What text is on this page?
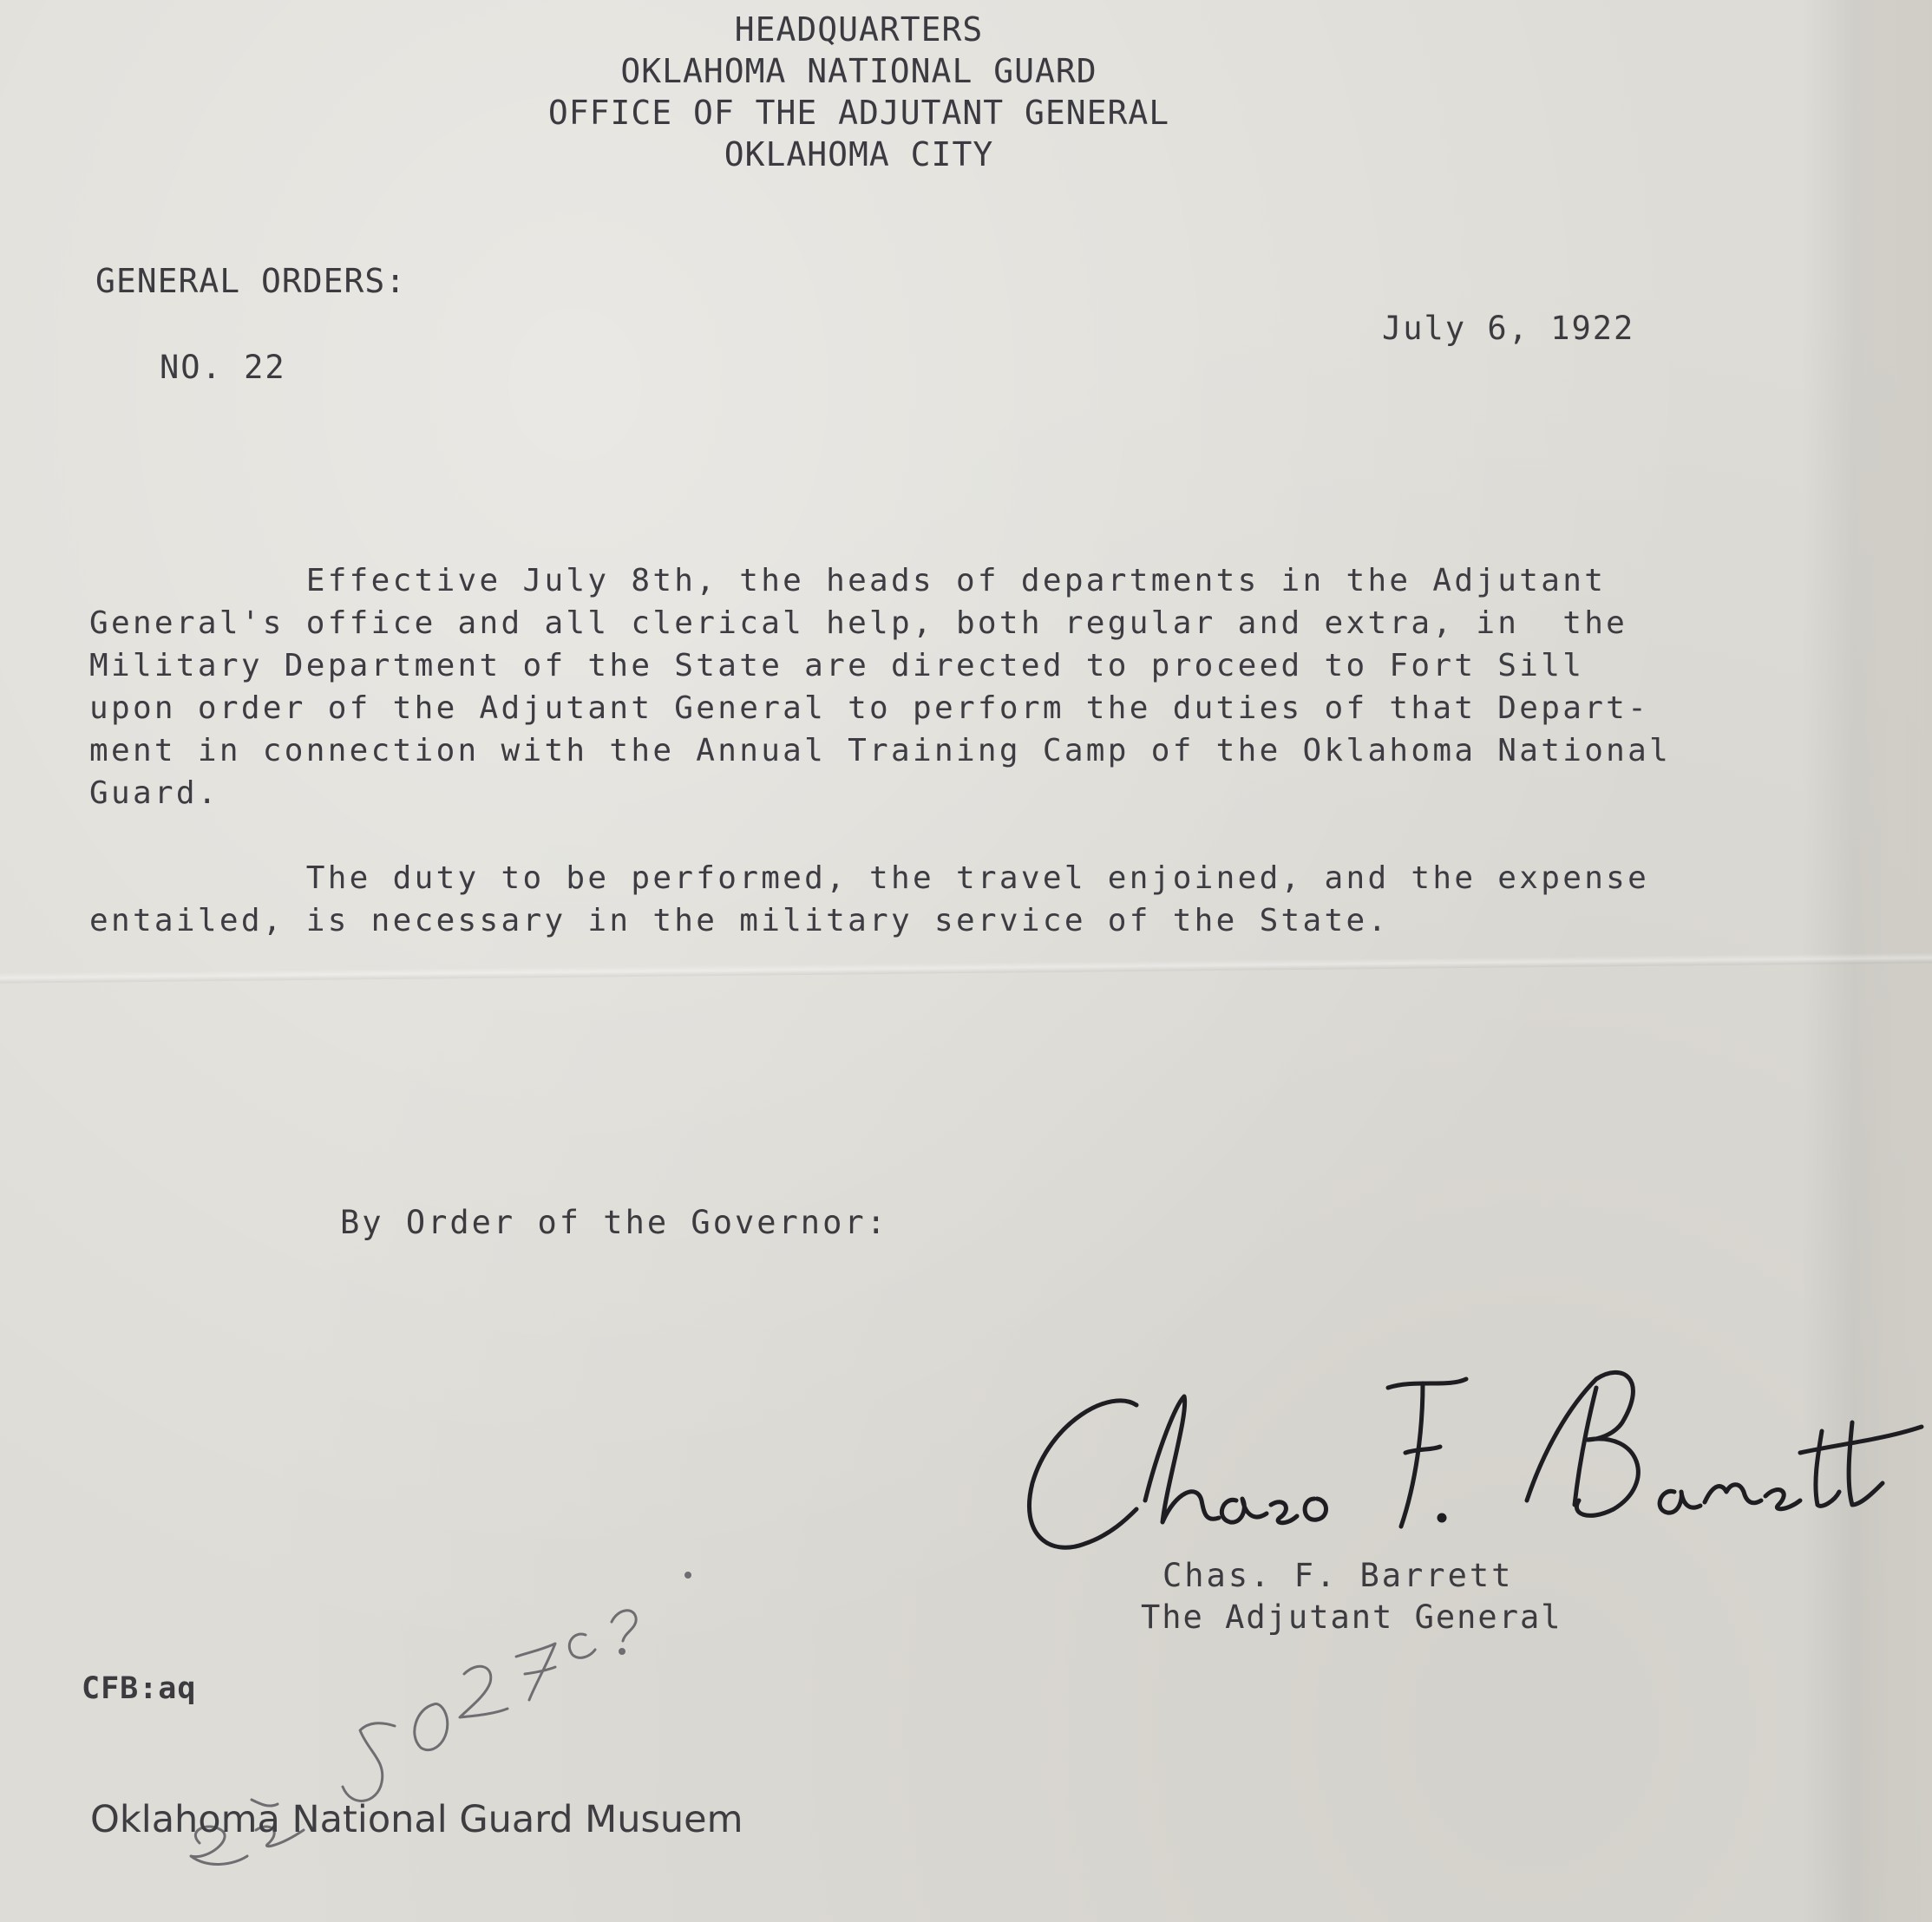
HEADQUARTERS
OKLAHOMA NATIONAL GUARD
OFFICE OF THE ADJUTANT GENERAL
OKLAHOMA CITY
GENERAL ORDERS:
NO. 22
July 6, 1922
Effective July 8th, the heads of departments in the Adjutant
General's office and all clerical help, both regular and extra, in  the
Military Department of the State are directed to proceed to Fort Sill
upon order of the Adjutant General to perform the duties of that Depart-
ment in connection with the Annual Training Camp of the Oklahoma National
Guard.
The duty to be performed, the travel enjoined, and the expense
entailed, is necessary in the military service of the State.
By Order of the Governor:
Chas. F. Barrett
The Adjutant General
CFB:aq
Oklahoma National Guard Musuem
